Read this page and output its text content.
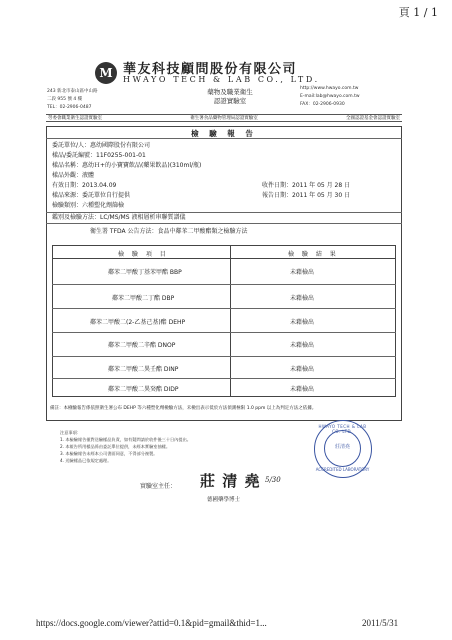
頁 1 / 1
M 華友科技顧問股份有限公司
HWAYO TECH & LAB CO., LTD.
243 新北市泰山區中山路
二段 955 號 4 樓
TEL：02-2906-0487
藥物及職業衛生
認證實驗室
http://www.hwayo.com.tw
E-mail:lab@hwayo.com.tw
FAX：02-2906-0930
勞委會職業衛生認證實驗室	衛生署食品藥物管理局認證實驗室	全國認證基金會認證實驗室
檢 驗 報 告
委託單位/人：惠幼國際股份有限公司
樣品/委託編號：11F0255-001-01
樣品名稱：惠幼Ｈ+的小寶寶飲品(藥果飲品)(310ml/瓶)
樣品外觀：液體
有效日期：2013.04.09	收件日期：2011 年 05 月 28 日
樣品來源：委託單位自行提供	報告日期：2011 年 05 月 30 日
檢驗類別：六種塑化劑篩檢
鑑別及檢驗方法：LC/MS/MS 液相層析串聯質譜儀
衛生署 TFDA 公告方法：食品中鄰苯二甲酸酯類之檢驗方法
檢 驗 項 目	檢 驗 結 果
鄰苯二甲酸丁基苯甲酯 BBP	未藉檢出
鄰苯二甲酸二丁酯 DBP	未藉檢出
鄰苯二甲酸二(2-乙基己基)酯 DEHP	未藉檢出
鄰苯二甲酸二辛酯 DNOP	未藉檢出
鄰苯二甲酸二異壬酯 DINP	未藉檢出
鄰苯二甲酸二異癸酯 DIDP	未藉檢出
備註：本檢驗報告係依照衛生署公布 DEHP 等六種塑化劑檢驗方法，未檢出表示低於方法偵測極限 1.0 ppm 以上為判定方法之依據。
注意事項：
1. 本檢驗報告僅對送驗樣品負責，如有疑問請於收件後三十日內提出。
2. 本報告所用樣品係由委託單位提供，未經本實驗室抽樣。
3. 本檢驗報告未經本公司書面同意，不得部分複製。
4. 送驗樣品已依規定處理。
HWAYO TECH & LAB CO. LTD.
莊清堯
ACCREDITED LABORATORY
實驗室主任： 莊 清 堯 5/30
德國藥學博士
https://docs.google.com/viewer?attid=0.1&pid=gmail&thid=1...	2011/5/31
